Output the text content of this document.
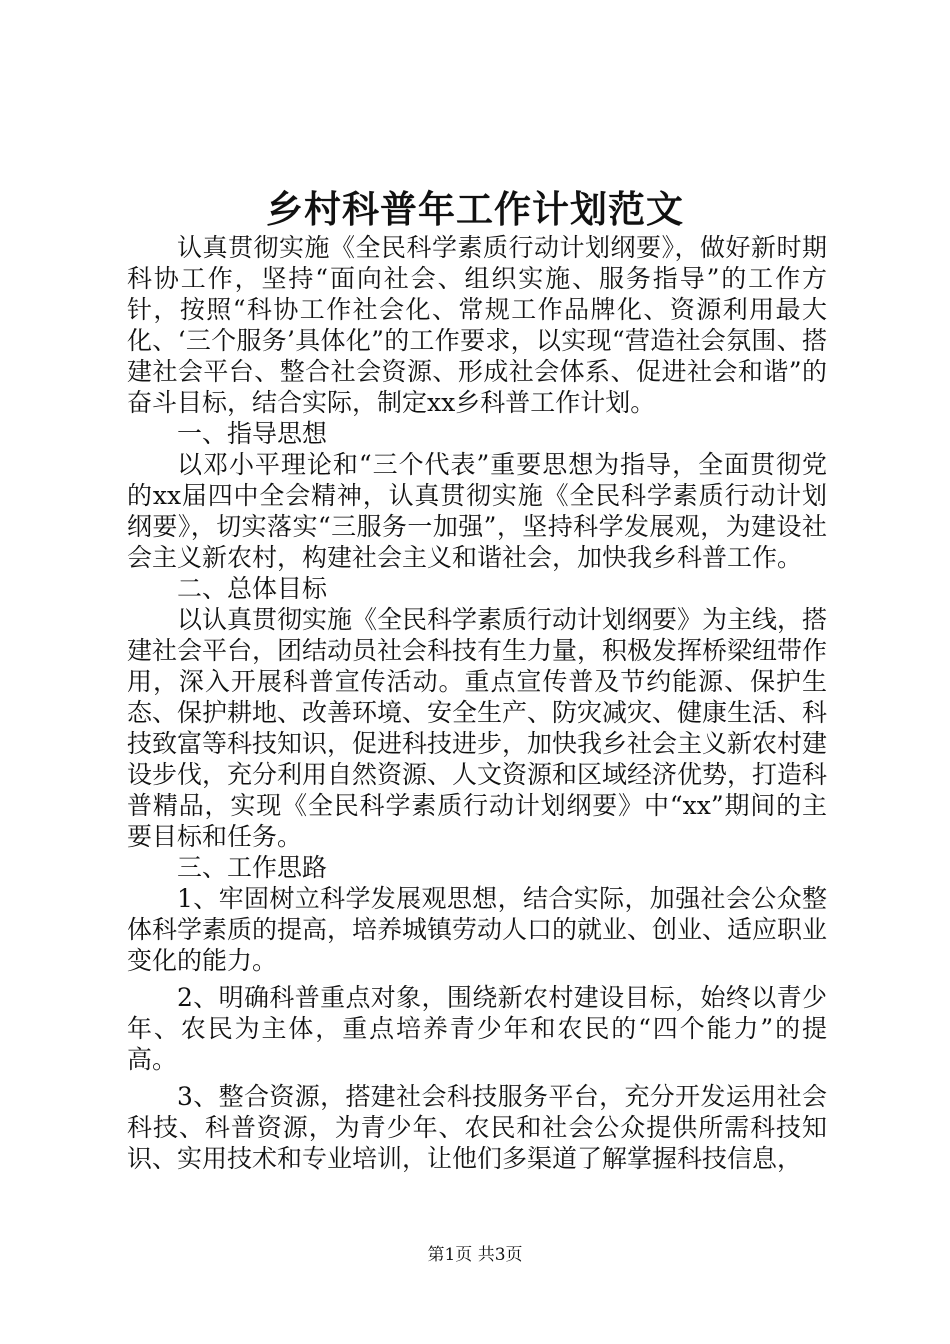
乡村科普年工作计划范文

认真贯彻实施《全民科学素质行动计划纲要》，做好新时期科协工作，坚持“面向社会、组织实施、服务指导”的工作方针，按照“科协工作社会化、常规工作品牌化、资源利用最大化、‘三个服务’具体化”的工作要求，以实现“营造社会氛围、搭建社会平台、整合社会资源、形成社会体系、促进社会和谐”的奋斗目标，结合实际，制定xx乡科普工作计划。

一、指导思想

以邓小平理论和“三个代表”重要思想为指导，全面贯彻党的xx届四中全会精神，认真贯彻实施《全民科学素质行动计划纲要》，切实落实“三服务一加强”，坚持科学发展观，为建设社会主义新农村，构建社会主义和谐社会，加快我乡科普工作。

二、总体目标

以认真贯彻实施《全民科学素质行动计划纲要》为主线，搭建社会平台，团结动员社会科技有生力量，积极发挥桥梁纽带作用，深入开展科普宣传活动。重点宣传普及节约能源、保护生态、保护耕地、改善环境、安全生产、防灾减灾、健康生活、科技致富等科技知识，促进科技进步，加快我乡社会主义新农村建设步伐，充分利用自然资源、人文资源和区域经济优势，打造科普精品，实现《全民科学素质行动计划纲要》中“xx”期间的主要目标和任务。

三、工作思路

1、牢固树立科学发展观思想，结合实际，加强社会公众整体科学素质的提高，培养城镇劳动人口的就业、创业、适应职业变化的能力。

2、明确科普重点对象，围绕新农村建设目标，始终以青少年、农民为主体，重点培养青少年和农民的“四个能力”的提高。

3、整合资源，搭建社会科技服务平台，充分开发运用社会科技、科普资源，为青少年、农民和社会公众提供所需科技知识、实用技术和专业培训，让他们多渠道了解掌握科技信息，

第1页 共3页
